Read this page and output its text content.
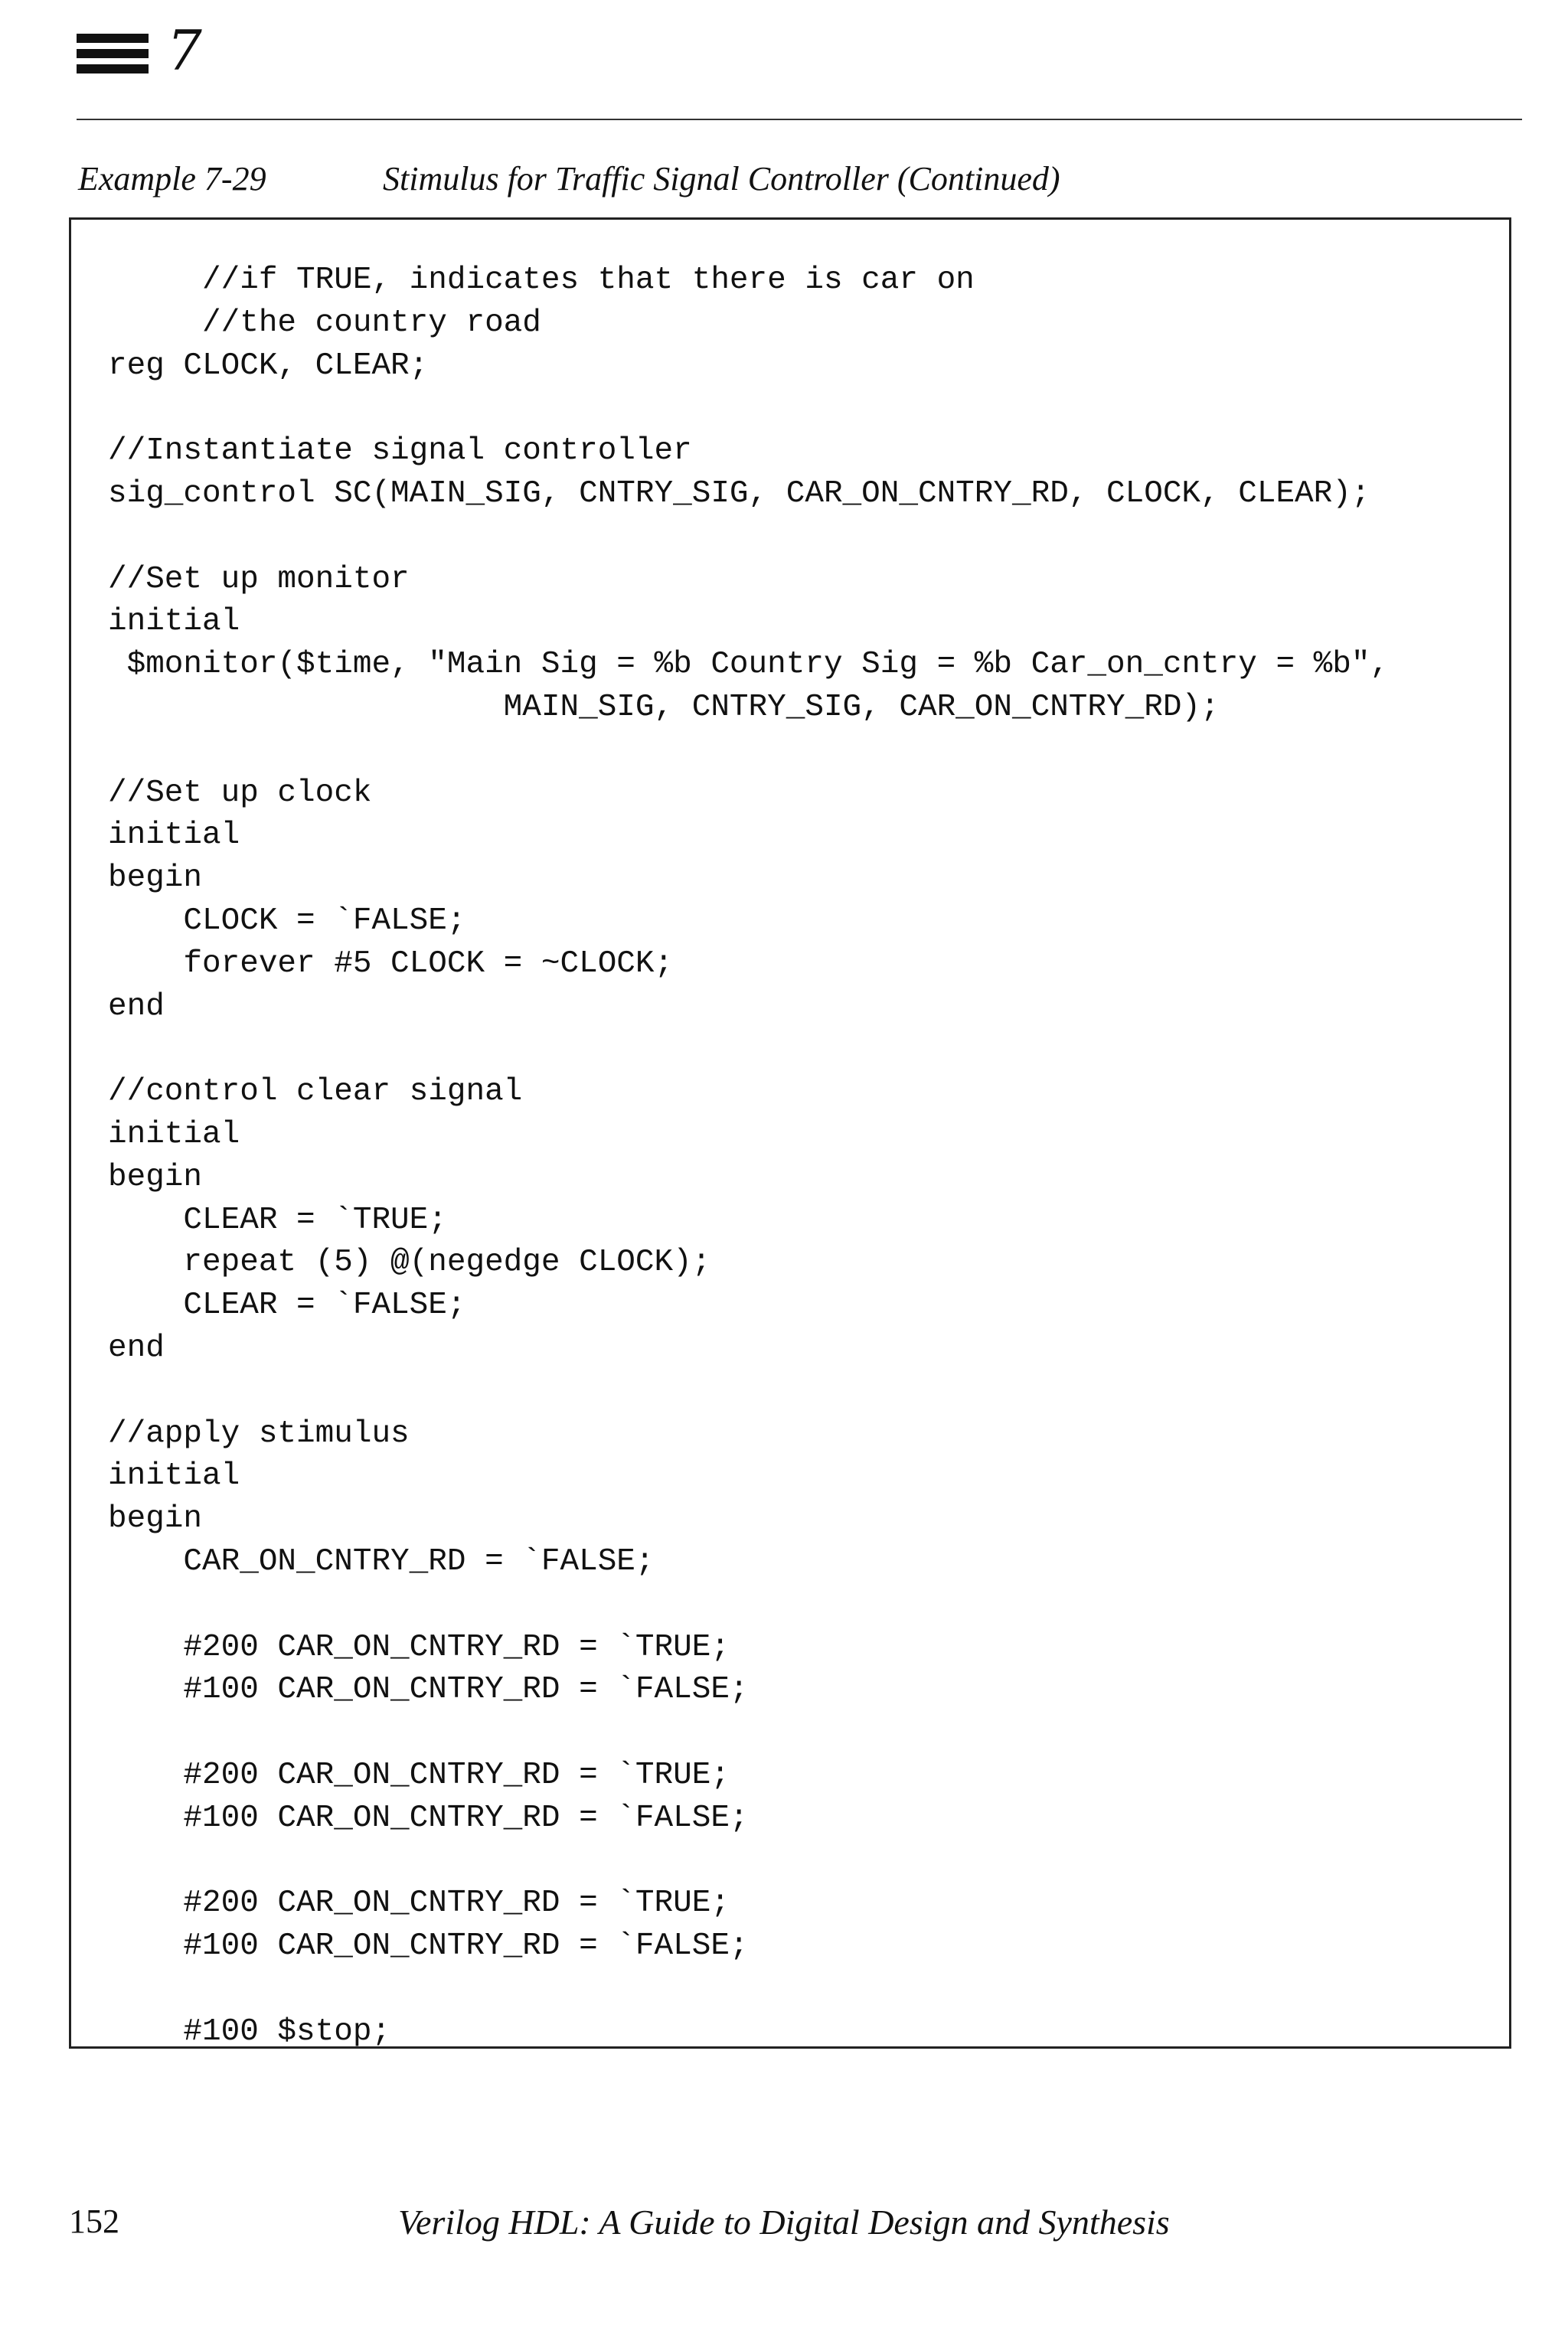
7
Example 7-29	Stimulus for Traffic Signal Controller (Continued)
//if TRUE, indicates that there is car on
//the country road
reg CLOCK, CLEAR;
//Instantiate signal controller
sig_control SC(MAIN_SIG, CNTRY_SIG, CAR_ON_CNTRY_RD, CLOCK, CLEAR);
//Set up monitor
initial
$monitor($time, "Main Sig = %b Country Sig = %b Car_on_cntry = %b",
MAIN_SIG, CNTRY_SIG, CAR_ON_CNTRY_RD);
//Set up clock
initial
begin
CLOCK = `FALSE;
forever #5 CLOCK = ~CLOCK;
end
//control clear signal
initial
begin
CLEAR = `TRUE;
repeat (5) @(negedge CLOCK);
CLEAR = `FALSE;
end
//apply stimulus
initial
begin
CAR_ON_CNTRY_RD = `FALSE;
#200 CAR_ON_CNTRY_RD = `TRUE;
#100 CAR_ON_CNTRY_RD = `FALSE;
#200 CAR_ON_CNTRY_RD = `TRUE;
#100 CAR_ON_CNTRY_RD = `FALSE;
#200 CAR_ON_CNTRY_RD = `TRUE;
#100 CAR_ON_CNTRY_RD = `FALSE;
#100 $stop;
152	Verilog HDL: A Guide to Digital Design and Synthesis
